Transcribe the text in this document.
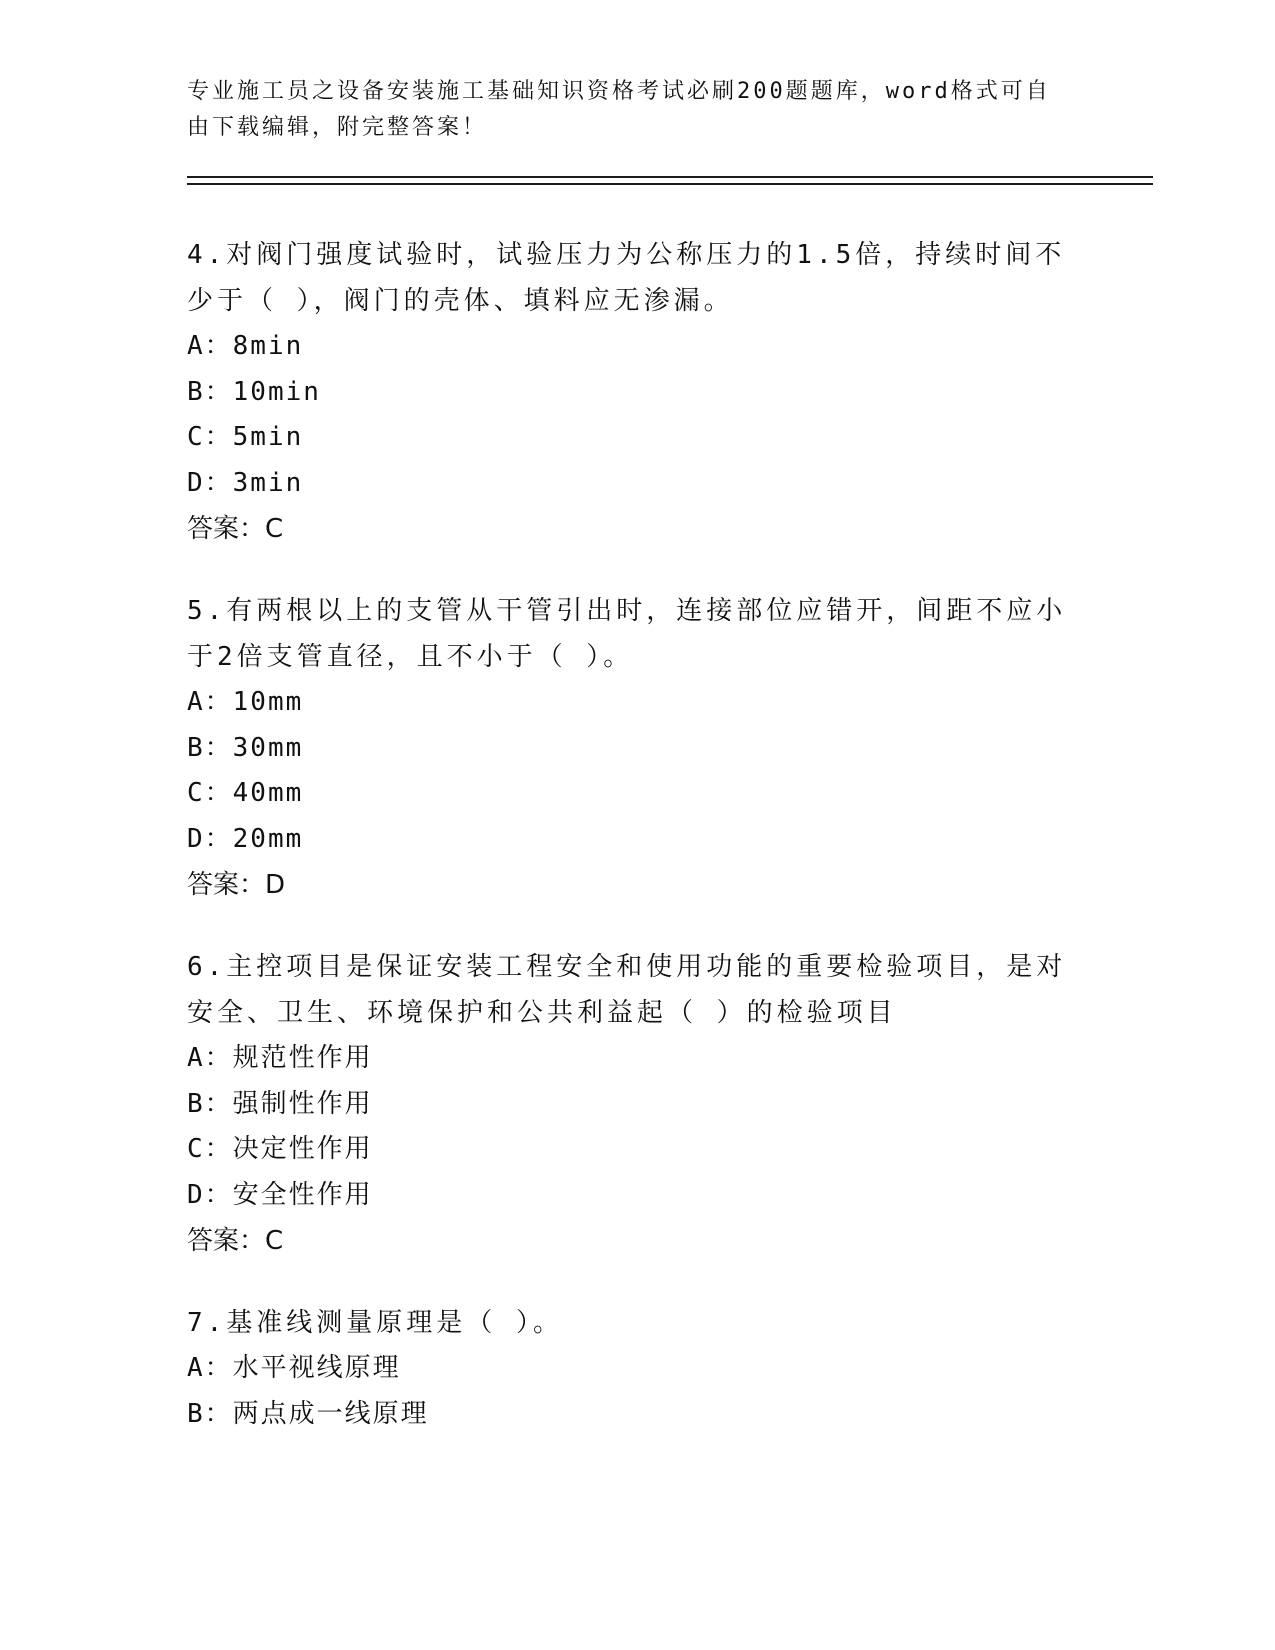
专业施工员之设备安装施工基础知识资格考试必刷200题题库，word格式可自由下载编辑，附完整答案！
4.对阀门强度试验时，试验压力为公称压力的1.5倍，持续时间不少于（ ），阀门的壳体、填料应无渗漏。
A：8min
B：10min
C：5min
D：3min
答案：C
5.有两根以上的支管从干管引出时，连接部位应错开，间距不应小于2倍支管直径，且不小于（ ）。
A：10mm
B：30mm
C：40mm
D：20mm
答案：D
6.主控项目是保证安装工程安全和使用功能的重要检验项目，是对安全、卫生、环境保护和公共利益起（ ）的检验项目
A：规范性作用
B：强制性作用
C：决定性作用
D：安全性作用
答案：C
7.基准线测量原理是（ ）。
A：水平视线原理
B：两点成一线原理
